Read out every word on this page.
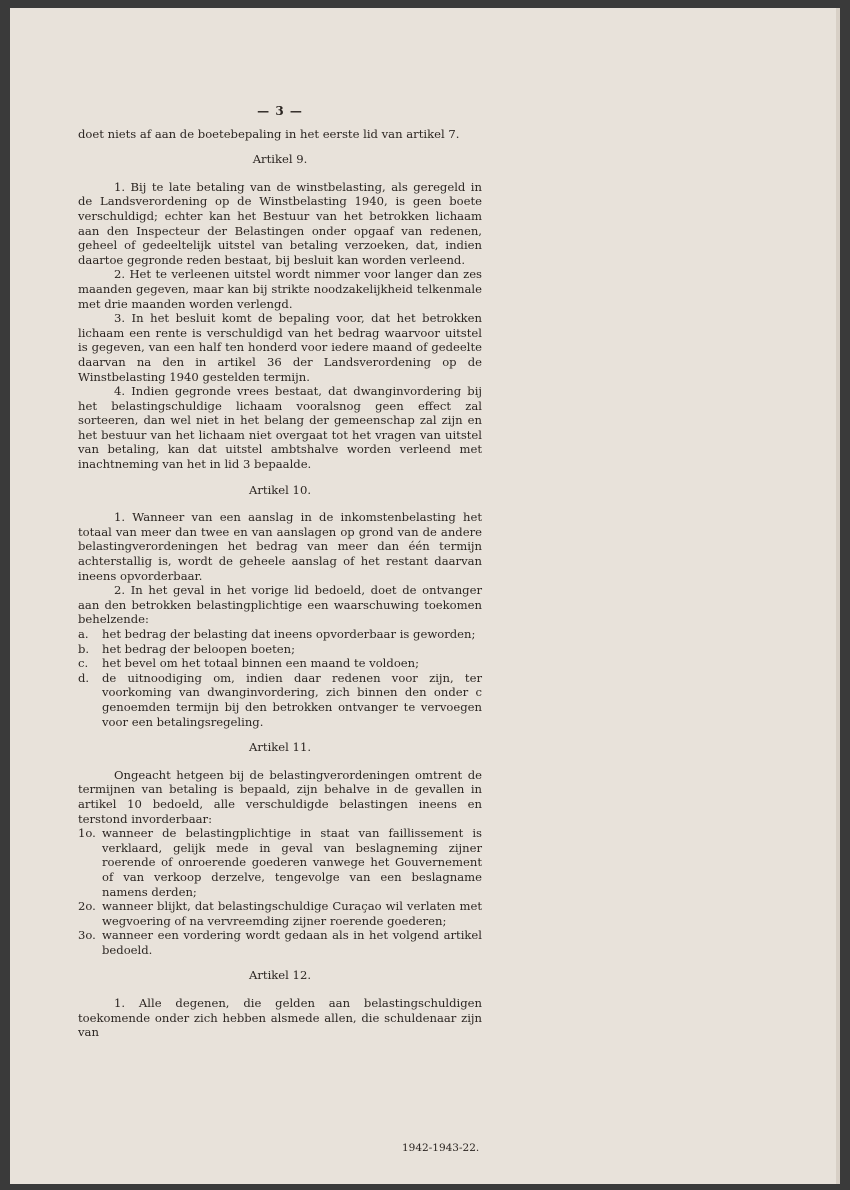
— 3 —

doet niets af aan de boetebepaling in het eerste lid van artikel 7.

Artikel 9.

1. Bij te late betaling van de winstbelasting, als geregeld in de Landsverordening op de Winstbelasting 1940, is geen boete verschuldigd; echter kan het Bestuur van het betrokken lichaam aan den Inspecteur der Belastingen onder opgaaf van redenen, geheel of gedeeltelijk uitstel van betaling verzoeken, dat, indien daartoe gegronde reden bestaat, bij besluit kan worden verleend.

2. Het te verleenen uitstel wordt nimmer voor langer dan zes maanden gegeven, maar kan bij strikte noodzakelijkheid telkenmale met drie maanden worden verlengd.

3. In het besluit komt de bepaling voor, dat het betrokken lichaam een rente is verschuldigd van het bedrag waarvoor uitstel is gegeven, van een half ten honderd voor iedere maand of gedeelte daarvan na den in artikel 36 der Landsverordening op de Winstbelasting 1940 gestelden termijn.

4. Indien gegronde vrees bestaat, dat dwanginvordering bij het belastingschuldige lichaam vooralsnog geen effect zal sorteeren, dan wel niet in het belang der gemeenschap zal zijn en het bestuur van het lichaam niet overgaat tot het vragen van uitstel van betaling, kan dat uitstel ambtshalve worden verleend met inachtneming van het in lid 3 bepaalde.

Artikel 10.

1. Wanneer van een aanslag in de inkomstenbelasting het totaal van meer dan twee en van aanslagen op grond van de andere belastingverordeningen het bedrag van meer dan één termijn achterstallig is, wordt de geheele aanslag of het restant daarvan ineens opvorderbaar.

2. In het geval in het vorige lid bedoeld, doet de ontvanger aan den betrokken belastingplichtige een waarschuwing toekomen behelzende:

a.	het bedrag der belasting dat ineens opvorderbaar is geworden;
b.	het bedrag der beloopen boeten;
c.	het bevel om het totaal binnen een maand te voldoen;
d.	de uitnoodiging om, indien daar redenen voor zijn, ter voorkoming van dwanginvordering, zich binnen den onder c genoemden termijn bij den betrokken ontvanger te vervoegen voor een betalingsregeling.
Artikel 11.

Ongeacht hetgeen bij de belastingverordeningen omtrent de termijnen van betaling is bepaald, zijn behalve in de gevallen in artikel 10 bedoeld, alle verschuldigde belastingen ineens en terstond invorderbaar:

1o. wanneer de belastingplichtige in staat van faillissement is verklaard, gelijk mede in geval van beslagneming zijner roerende of onroerende goederen vanwege het Gouvernement of van verkoop derzelve, tengevolge van een beslagname namens derden;
2o. wanneer blijkt, dat belastingschuldige Curaçao wil verlaten met wegvoering of na vervreemding zijner roerende goederen;
3o. wanneer een vordering wordt gedaan als in het volgend artikel bedoeld.
Artikel 12.

1. Alle degenen, die gelden aan belastingschuldigen toekomende onder zich hebben alsmede allen, die schuldenaar zijn van

1942-1943-22.
